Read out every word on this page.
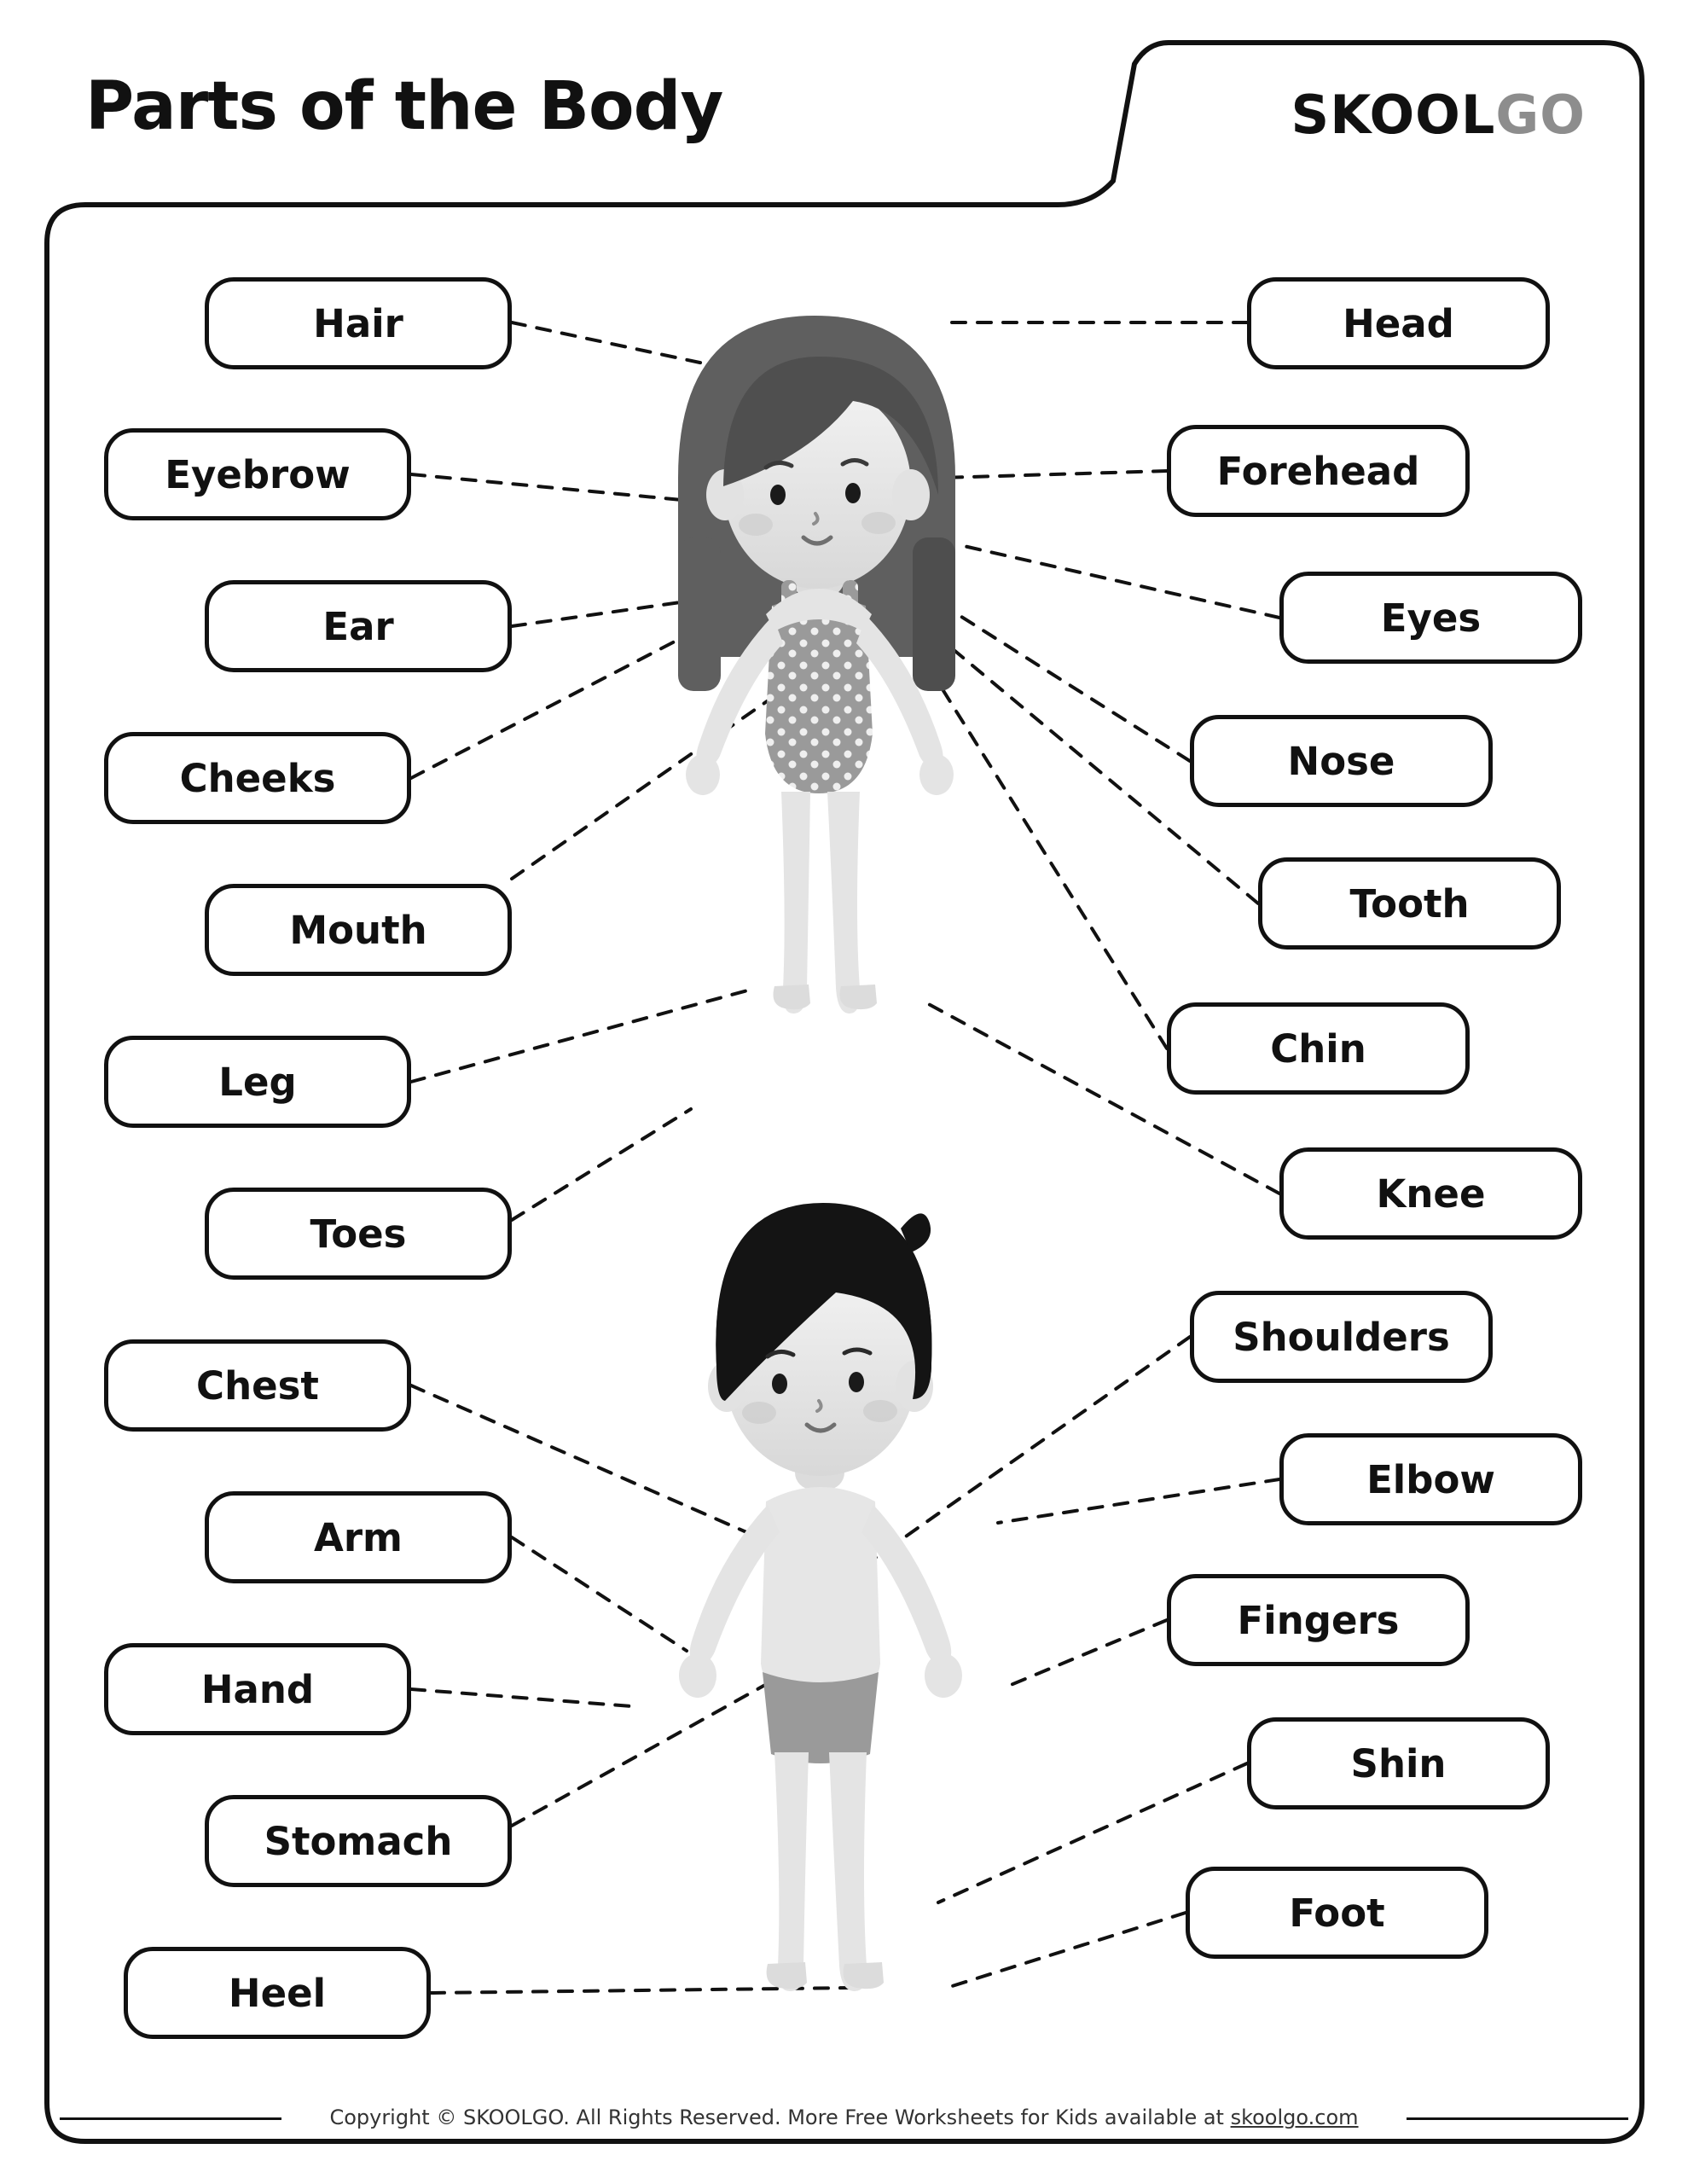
Parts of the Body	SKOOLGO
Hair
Eyebrow
Ear
Cheeks
Mouth
Leg
Toes
Chest
Arm
Hand
Stomach
Heel
Head
Forehead
Eyes
Nose
Tooth
Chin
Knee
Shoulders
Elbow
Fingers
Shin
Foot
Copyright © SKOOLGO. All Rights Reserved. More Free Worksheets for Kids available at skoolgo.com
